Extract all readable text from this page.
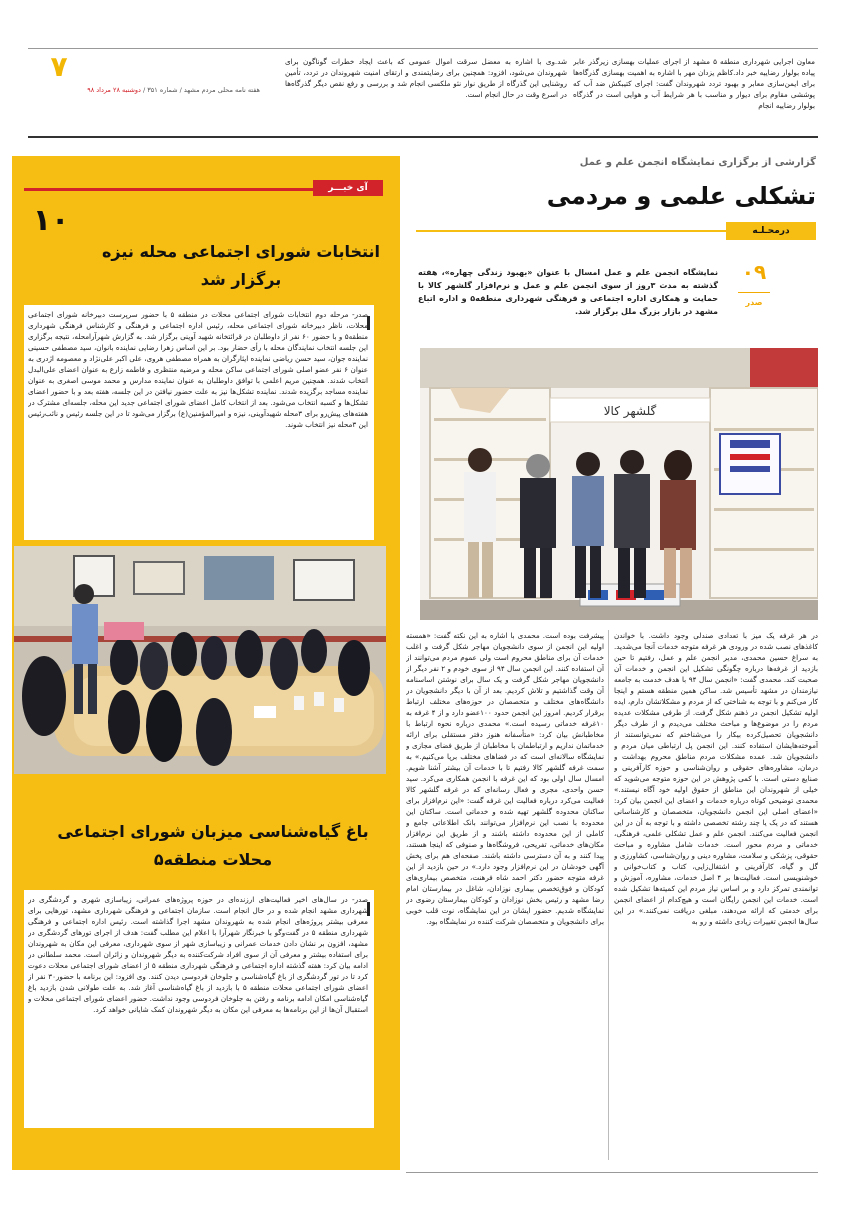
معاون اجرایی شهرداری منطقه ۵ مشهد از اجرای عملیات بهسازی زیرگذر عابر پیاده بولوار رضاییه خبر داد.کاظم یزدان مهر با اشاره به اهمیت بهسازی گذرگاه‌ها برای ایمن‌سازی معابر و بهبود تردد شهروندان گفت: اجرای کتیبکش ضد آب که پوششی مقاوم برای دیوار و مناسب با هر شرایط آب و هوایی است در گذرگاه بولوار رضاییه انجام
شد.وی با اشاره به معضل سرقت اموال عمومی که باعث ایجاد خطرات گوناگون برای شهروندان می‌شود، افزود: همچنین برای رضایتمندی و ارتقای امنیت شهروندان در تردد، تأمین روشنایی این گذرگاه از طریق نوار نئو ملکسی انجام شد و بررسی و رفع نقص دیگر گذرگاه‌ها در اسرع وقت در حال انجام است.
۷
هفته نامه محلی مردم مشهد / شماره ۳۵۱ / دوشنبه ۲۸ مرداد ۹۸
آی خبـــر
۱۰
انتخابات شورای اجتماعی محله نیزه برگزار شد
صدر- مرحله دوم انتخابات شورای اجتماعی محلات در منطقه ۵ با حضور سرپرست دبیرخانه شورای اجتماعی محلات، ناظر دبیرخانه شورای اجتماعی محله، رئیس اداره اجتماعی و فرهنگی و کارشناس فرهنگی شهرداری منطقه۵ و با حضور ۶۰ نفر از داوطلبان در قرائتخانه شهید آوینی برگزار شد. به گزارش شهرآرامحله، نتیجه برگزاری این جلسه انتخاب نمایندگان محله با رأی حضار بود. بر این اساس زهرا رضایی نماینده بانوان، سید مصطفی حسینی نماینده جوان، سید حسن ریاضی نماینده ایثارگران به همراه مصطفی هروی، علی اکبر علی‌نژاد و معصومه اژدری به عنوان ۶ نفر عضو اصلی شورای اجتماعی ساکن محله و مرضیه منتظری و فاطمه زارع به عنوان اعضای علی‌البدل انتخاب شدند. همچنین مریم اعلمی با توافق داوطلبان به عنوان نماینده مدارس و محمد موسی اصغری به عنوان نماینده مساجد برگزیده شدند. نماینده تشکل‌ها نیز به علت حضور نیافتن در این جلسه، هفته بعد و با حضور اعضای تشکل‌ها و کسبه انتخاب می‌شود. بعد از انتخاب کامل اعضای شورای اجتماعی جدید این محله، جلسه‌ای مشترک در هفته‌های پیش‌رو برای ۳محله شهیدآوینی، نیزه و امیرالمؤمنین(ع) برگزار می‌شود تا در این جلسه رئیس و نائب‌رئیس این ۳محله نیز انتخاب شوند.
باغ گیاه‌شناسی میزبان شورای اجتماعی محلات منطقه۵
صدر- در سال‌های اخیر فعالیت‌های ارزنده‌ای در حوزه پروژه‌های عمرانی، زیباسازی شهری و گردشگری در شهرداری مشهد انجام شده و در حال انجام است. سازمان اجتماعی و فرهنگی شهرداری مشهد، تورهایی برای معرفی بیشتر پروژه‌های انجام شده به شهروندان مشهد اجرا گذاشته است. رئیس اداره اجتماعی و فرهنگی شهرداری منطقه ۵ در گفت‌وگو با خبرنگار شهرآرا با اعلام این مطلب گفت: هدف از اجرای تورهای گردشگری در مشهد، افزون بر نشان دادن خدمات عمرانی و زیباسازی شهر از سوی شهرداری، معرفی این مکان به شهروندان برای استفاده بیشتر و معرفی آن از سوی افراد شرکت‌کننده به دیگر شهروندان و زائران است. محمد سلطانی در ادامه بیان کرد: هفته گذشته اداره اجتماعی و فرهنگی شهرداری منطقه ۵ از اعضای شورای اجتماعی محلات دعوت کرد تا در تور گردشگری از باغ گیاه‌شناسی و جلوخان فردوسی دیدن کنند. وی افزود: این برنامه با حضور۳۰ نفر از اعضای شورای اجتماعی محلات منطقه ۵ با بازدید از باغ گیاه‌شناسی آغاز شد. به علت طولانی شدن بازدید باغ گیاه‌شناسی امکان ادامه برنامه و رفتن به جلوخان فردوسی وجود نداشت. حضور اعضای شورای اجتماعی محلات و استقبال آن‌ها از این برنامه‌ها به معرفی این مکان به دیگر شهروندان کمک شایانی خواهد کرد.
گزارشی از برگزاری نمایشگاه انجمن علم و عمل
تشکلی علمی و مردمی
درمحـلـه
۰۹
صدر
نمایشگاه انجمن علم و عمل امسال با عنوان «بهبود زندگی چهاره»، هفته گذشته به مدت ۳روز از سوی انجمن علم و عمل و نرم‌افزار گلشهر کالا با حمایت و همکاری اداره اجتماعی و فرهنگی شهرداری منطقه۵ و اداره اتباع مشهد در بازار بزرگ ملل برگزار شد.
گلشهر کالا
در هر غرفه یک میز با تعدادی صندلی وجود داشت. با خواندن کاغذهای نصب شده در ورودی هر غرفه متوجه خدمات آنجا می‌شدید. به سراغ حسین محمدی، مدیر انجمن علم و عمل، رفتیم تا حین بازدید از غرفه‌ها درباره چگونگی تشکیل این انجمن و خدمات آن صحبت کند. محمدی گفت: «انجمن سال ۹۴ با هدف خدمت به جامعه نیازمندان در مشهد تأسیس شد. ساکن همین منطقه هستم و اینجا کار می‌کنم و با توجه به شناختی که از مردم و مشکلاتشان دارم، ایده اولیه تشکیل انجمن در ذهنم شکل گرفت. از طرفی مشکلات عدیده مردم را در موضوع‌ها و مباحث مختلف می‌دیدم و از طرف دیگر دانشجویان تحصیل‌کرده بیکار را می‌شناختم که نمی‌توانستند از آموخته‌هایشان استفاده کنند. این انجمن پل ارتباطی میان مردم و دانشجویان شد. عمده مشکلات مردم مناطق محروم بهداشت و درمان، مشاوره‌های حقوقی و روان‌شناسی و حوزه کارآفرینی و صنایع دستی است. با کمی پژوهش در این حوزه متوجه می‌شوید که خیلی از شهروندان این مناطق از حقوق اولیه خود آگاه نیستند.» محمدی توضیحی کوتاه درباره خدمات و اعضای این انجمن بیان کرد: «اعضای اصلی این انجمن دانشجویان، متخصصان و کارشناسانی هستند که در یک یا چند رشته تخصصی داشته و با توجه به آن در این انجمن فعالیت می‌کنند. انجمن علم و عمل تشکلی علمی، فرهنگی، خدماتی و مردم محور است. خدمات شامل مشاوره و مباحث حقوقی، پزشکی و سلامت، مشاوره دینی و روان‌شناسی، کشاورزی و گل و گیاه، کارآفرینی و اشتغال‌زایی، کتاب و کتاب‌خوانی و خوشنویسی است. فعالیت‌ها بر ۴ اصل خدمات، مشاوره، آموزش و توانمندی تمرکز دارد و بر اساس نیاز مردم این کمیته‌ها تشکیل شده است. خدمات این انجمن رایگان است و هیچ‌کدام از اعضای انجمن برای خدمتی که ارائه می‌دهند، مبلغی دریافت نمی‌کنند.» در این سال‌ها انجمن تغییرات زیادی داشته و رو به
پیشرفت بوده است. محمدی با اشاره به این نکته گفت: «همسته اولیه این انجمن از سوی دانشجویان مهاجر شکل گرفت و اغلب خدمات آن برای مناطق محروم است ولی عموم مردم می‌توانند از آن استفاده کنند. این انجمن سال ۹۴ از سوی خودم و ۲ نفر دیگر از دانشجویان مهاجر شکل گرفت و یک سال برای نوشتن اساسنامه آن وقت گذاشتیم و تلاش کردیم. بعد از آن با دیگر دانشجویان در دانشگاه‌های مختلف و متخصصان در حوزه‌های مختلف ارتباط برقرار کردیم. امروز این انجمن حدود ۱۰۰عضو دارد و از ۴ غرفه به ۱۰غرفه خدماتی رسیده است.» محمدی درباره نحوه ارتباط با مخاطبانش بیان کرد: «متأسفانه هنوز دفتر مستقلی برای ارائه خدماتمان نداریم و ارتباطمان با مخاطبان از طریق فضای مجازی و نمایشگاه سالانه‌ای است که در فضاهای مختلف برپا می‌کنیم.» به سمت غرفه گلشهر کالا رفتیم تا با خدمات آن بیشتر آشنا شویم. امسال سال اولی بود که این غرفه با انجمن همکاری می‌کرد. سید حسن واحدی، مجری و فعال رسانه‌ای که در غرفه گلشهر کالا فعالیت می‌کرد درباره فعالیت این غرفه گفت: «این نرم‌افزار برای ساکنان محدوده گلشهر تهیه شده و خدماتی است. ساکنان این محدوده با نصب این نرم‌افزار می‌توانند بانک اطلاعاتی جامع و کاملی از این محدوده داشته باشند و از طریق این نرم‌افزار مکان‌های خدماتی، تفریحی، فروشگاه‌ها و صنوفی که اینجا هستند، پیدا کنند و به آن دسترسی داشته باشند. صفحه‌ای هم برای پخش آگهی خودشان در این نرم‌افزار وجود دارد.» در حین بازدید از این غرفه متوجه حضور دکتر احمد شاه فرهنت، متخصص بیماری‌های کودکان و فوق‌تخصص بیماری نوزادان، شاغل در بیمارستان امام رضا مشهد و رئیس بخش نوزادان و کودکان بیمارستان رضوی در نمایشگاه شدیم. حضور ایشان در این نمایشگاه، نوت قلب خوبی برای دانشجویان و متخصصان شرکت کننده در نمایشگاه بود.
